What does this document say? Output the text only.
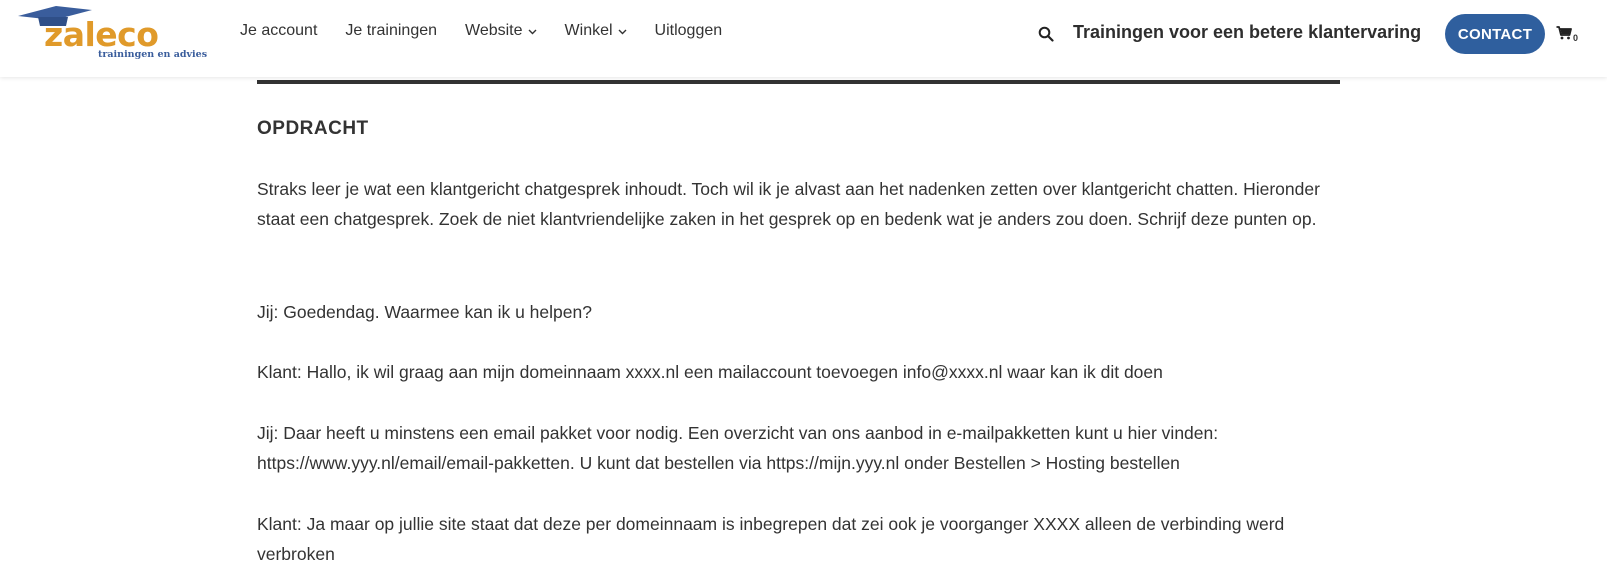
zaleco
trainingen en advies
Je account Je trainingen Website	Winkel	Uitloggen	Trainingen voor een betere klantervaring	CONTACT	0
OPDRACHT

Straks leer je wat een klantgericht chatgesprek inhoudt. Toch wil ik je alvast aan het nadenken zetten over klantgericht chatten. Hieronder staat een chatgesprek. Zoek de niet klantvriendelijke zaken in het gesprek op en bedenk wat je anders zou doen. Schrijf deze punten op.

Jij: Goedendag. Waarmee kan ik u helpen?

Klant: Hallo, ik wil graag aan mijn domeinnaam xxxx.nl een mailaccount toevoegen info@xxxx.nl waar kan ik dit doen

Jij: Daar heeft u minstens een email pakket voor nodig. Een overzicht van ons aanbod in e-mailpakketten kunt u hier vinden: https://www.yyy.nl/email/email-pakketten. U kunt dat bestellen via https://mijn.yyy.nl onder Bestellen > Hosting bestellen

Klant: Ja maar op jullie site staat dat deze per domeinnaam is inbegrepen dat zei ook je voorganger XXXX alleen de verbinding werd verbroken
